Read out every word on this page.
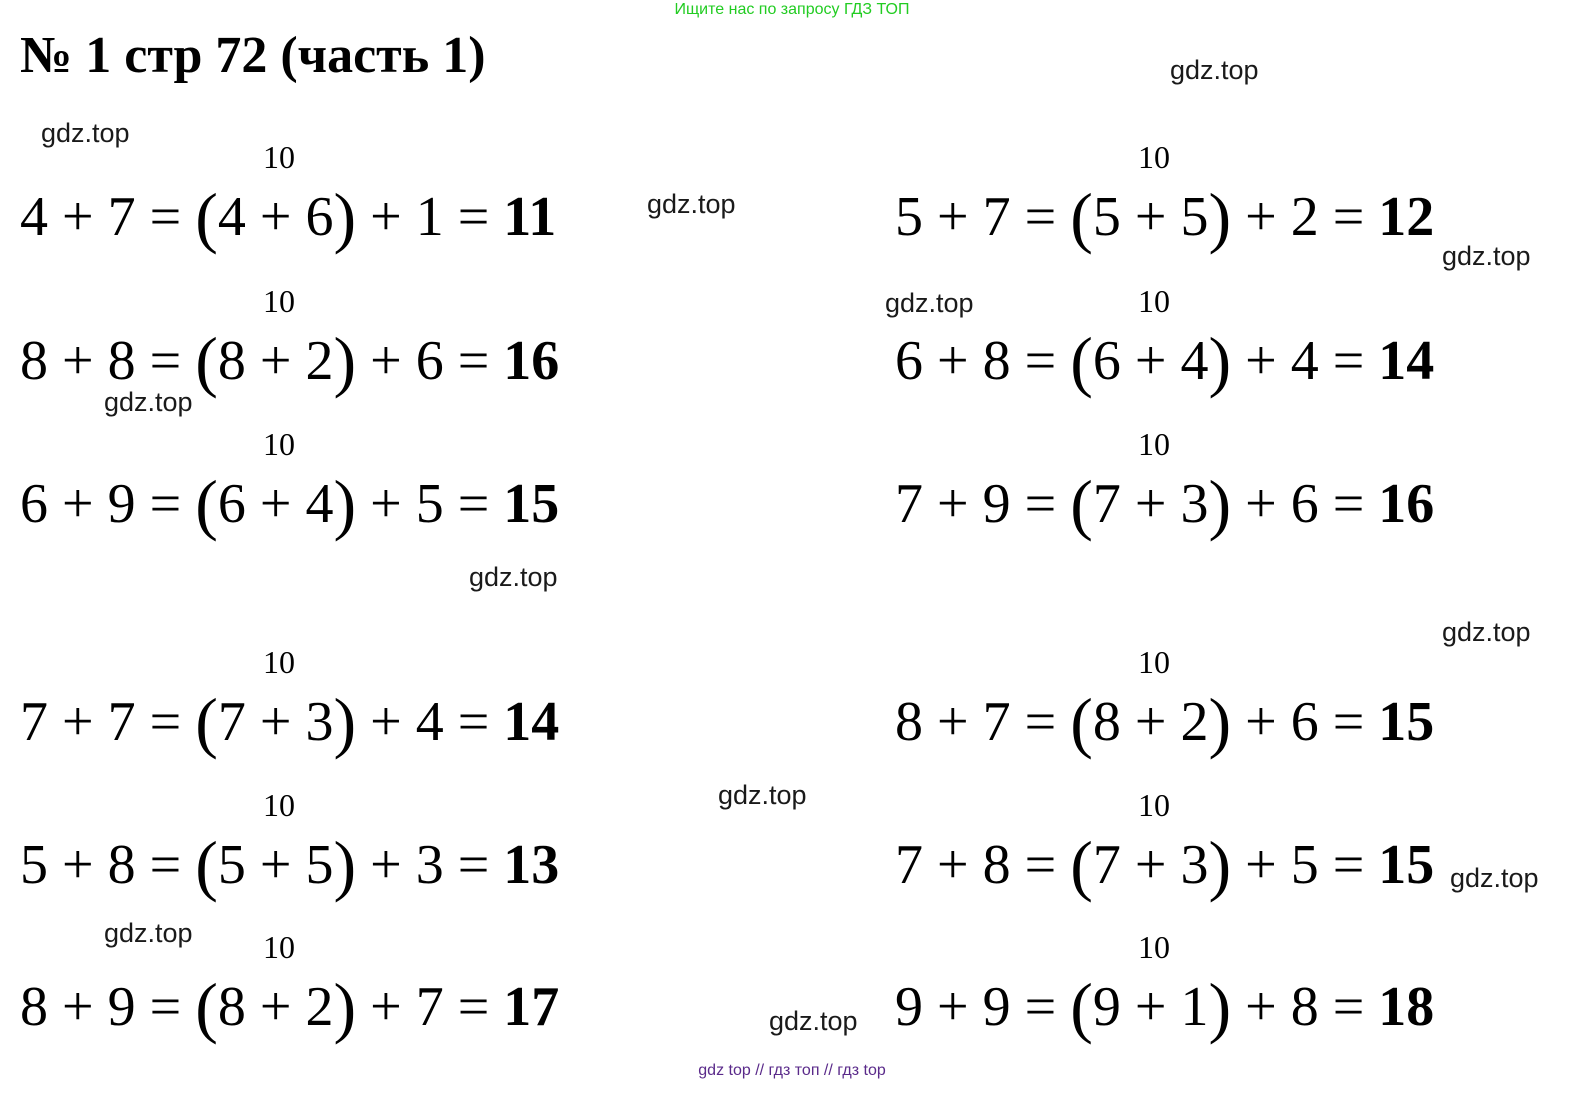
Ищите нас по запросу ГДЗ ТОП
№ 1 стр 72 (часть 1)	gdz.top
gdz.top
gdz.top
gdz.top
gdz.top
gdz.top
gdz.top
gdz.top
gdz.top
gdz.top
gdz.top
gdz.top
10
4 + 7 = (4 + 6) + 1 = 11
10
5 + 7 = (5 + 5) + 2 = 12
10
8 + 8 = (8 + 2) + 6 = 16
10
6 + 8 = (6 + 4) + 4 = 14
10
6 + 9 = (6 + 4) + 5 = 15
10
7 + 9 = (7 + 3) + 6 = 16
10
7 + 7 = (7 + 3) + 4 = 14
10
8 + 7 = (8 + 2) + 6 = 15
10
5 + 8 = (5 + 5) + 3 = 13
10
7 + 8 = (7 + 3) + 5 = 15
10
8 + 9 = (8 + 2) + 7 = 17
10
9 + 9 = (9 + 1) + 8 = 18
gdz top // гдз топ // гдз top
